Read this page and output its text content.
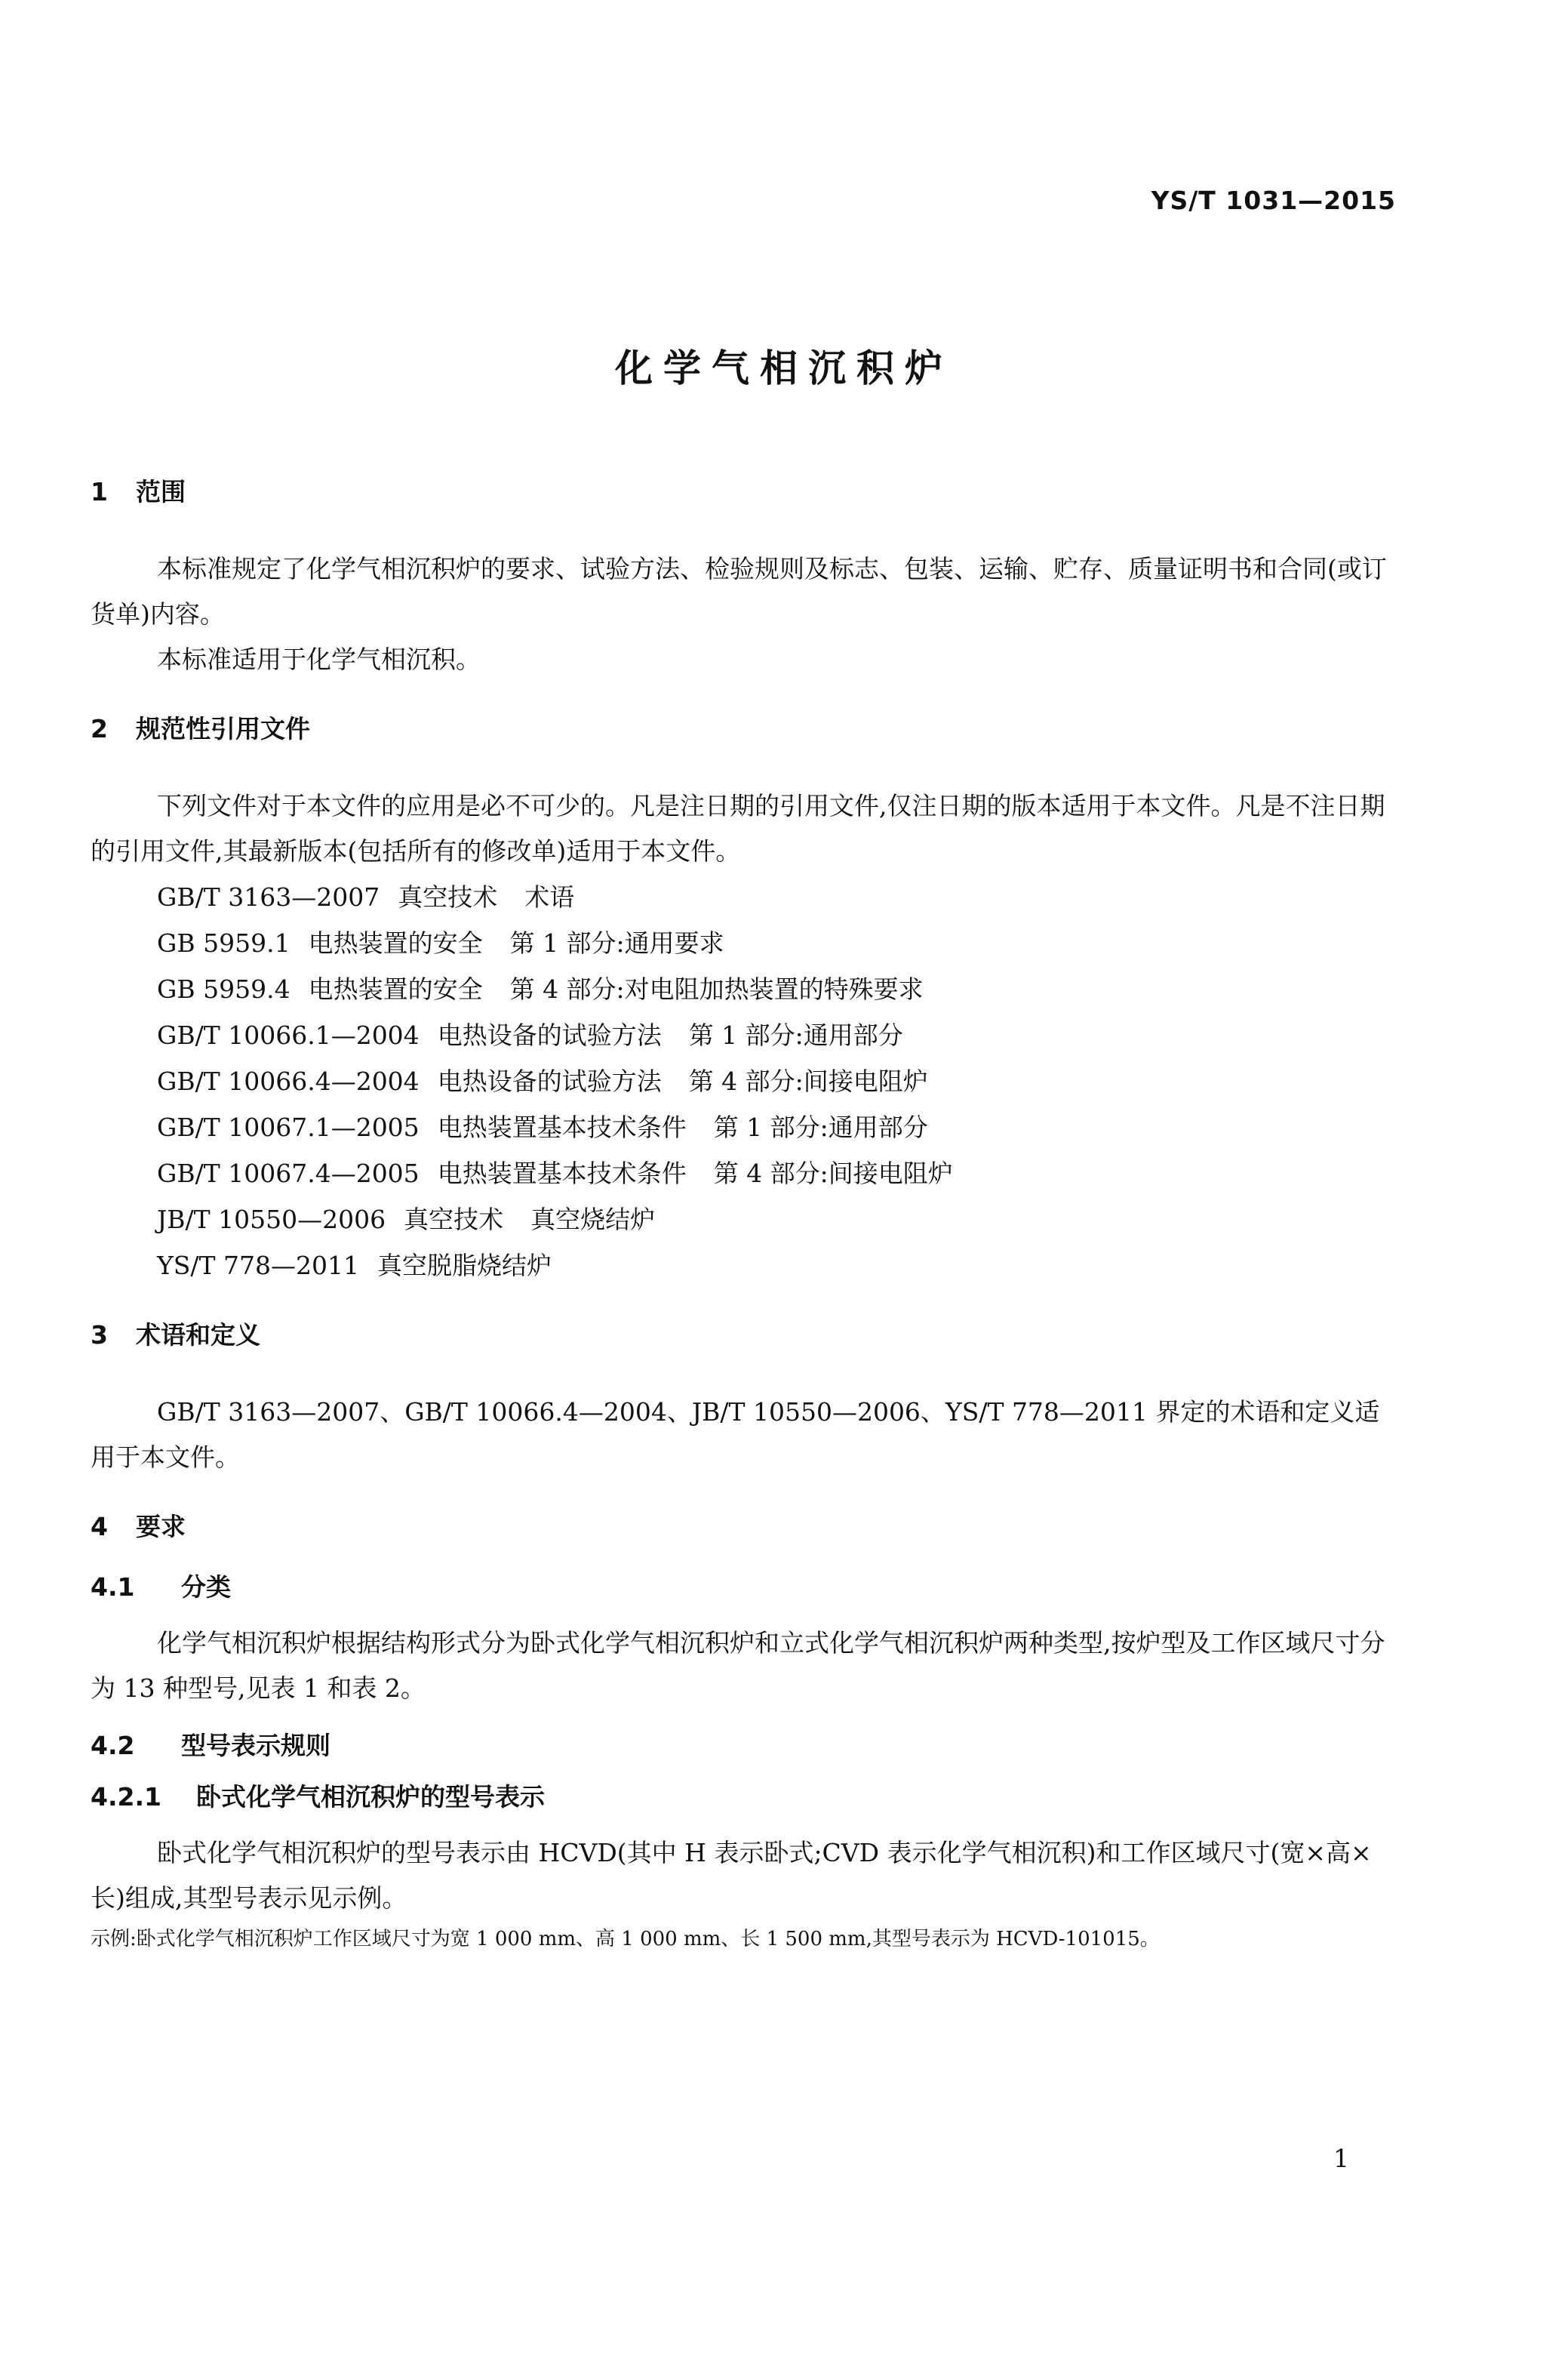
YS/T 1031—2015
化学气相沉积炉
1 范围

本标准规定了化学气相沉积炉的要求、试验方法、检验规则及标志、包装、运输、贮存、质量证明书和合同(或订货单)内容。

本标准适用于化学气相沉积。

2 规范性引用文件

下列文件对于本文件的应用是必不可少的。凡是注日期的引用文件,仅注日期的版本适用于本文件。凡是不注日期的引用文件,其最新版本(包括所有的修改单)适用于本文件。

GB/T 3163—2007 真空技术 术语
GB 5959.1 电热装置的安全 第 1 部分:通用要求
GB 5959.4 电热装置的安全 第 4 部分:对电阻加热装置的特殊要求
GB/T 10066.1—2004 电热设备的试验方法 第 1 部分:通用部分
GB/T 10066.4—2004 电热设备的试验方法 第 4 部分:间接电阻炉
GB/T 10067.1—2005 电热装置基本技术条件 第 1 部分:通用部分
GB/T 10067.4—2005 电热装置基本技术条件 第 4 部分:间接电阻炉
JB/T 10550—2006 真空技术 真空烧结炉
YS/T 778—2011 真空脱脂烧结炉
3 术语和定义

GB/T 3163—2007、GB/T 10066.4—2004、JB/T 10550—2006、YS/T 778—2011 界定的术语和定义适用于本文件。

4 要求
4.1 分类

化学气相沉积炉根据结构形式分为卧式化学气相沉积炉和立式化学气相沉积炉两种类型,按炉型及工作区域尺寸分为 13 种型号,见表 1 和表 2。

4.2 型号表示规则
4.2.1 卧式化学气相沉积炉的型号表示

卧式化学气相沉积炉的型号表示由 HCVD(其中 H 表示卧式;CVD 表示化学气相沉积)和工作区域尺寸(宽×高×长)组成,其型号表示见示例。

示例:卧式化学气相沉积炉工作区域尺寸为宽 1 000 mm、高 1 000 mm、长 1 500 mm,其型号表示为 HCVD-101015。

1
